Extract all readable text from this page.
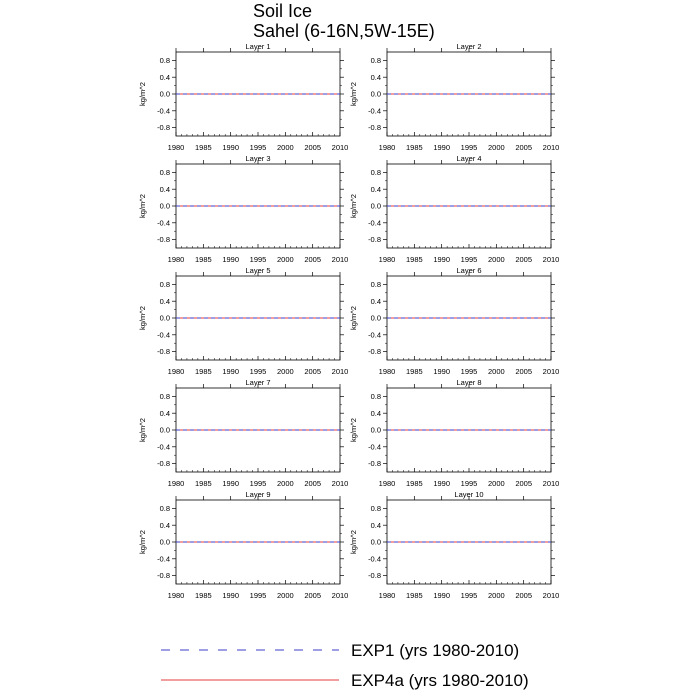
Soil Ice
Sahel (6-16N,5W-15E)
Layer 1
1980 1985 1990 1995 2000 2005 2010
0.8
0.4
0.0
-0.4
-0.8
kg/m^2
Layer 2
1980 1985 1990 1995 2000 2005 2010
0.8
0.4
0.0
-0.4
-0.8
kg/m^2
Layer 3
1980 1985 1990 1995 2000 2005 2010
0.8
0.4
0.0
-0.4
-0.8
kg/m^2
Layer 4
1980 1985 1990 1995 2000 2005 2010
0.8
0.4
0.0
-0.4
-0.8
kg/m^2
Layer 5
1980 1985 1990 1995 2000 2005 2010
0.8
0.4
0.0
-0.4
-0.8
kg/m^2
Layer 6
1980 1985 1990 1995 2000 2005 2010
0.8
0.4
0.0
-0.4
-0.8
kg/m^2
Layer 7
1980 1985 1990 1995 2000 2005 2010
0.8
0.4
0.0
-0.4
-0.8
kg/m^2
Layer 8
1980 1985 1990 1995 2000 2005 2010
0.8
0.4
0.0
-0.4
-0.8
kg/m^2
Layer 9
1980 1985 1990 1995 2000 2005 2010
0.8
0.4
0.0
-0.4
-0.8
kg/m^2
Layer 10
1980 1985 1990 1995 2000 2005 2010
0.8
0.4
0.0
-0.4
-0.8
kg/m^2
EXP1 (yrs 1980-2010)
EXP4a (yrs 1980-2010)
